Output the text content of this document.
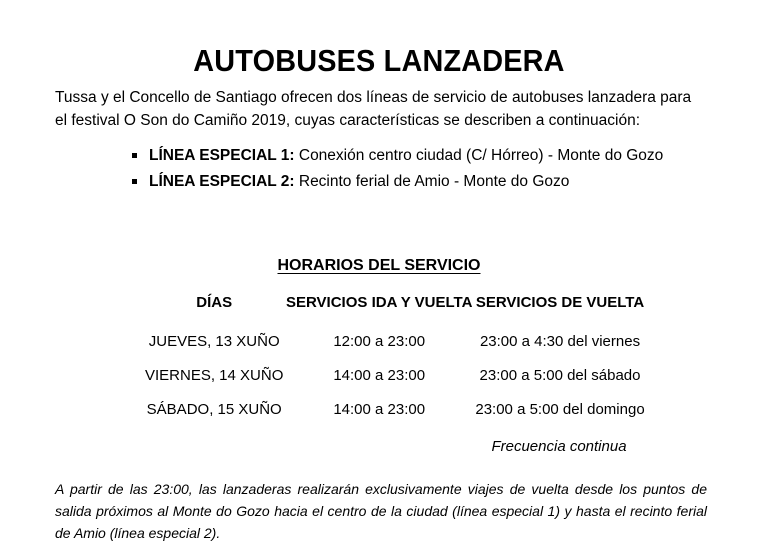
AUTOBUSES LANZADERA

Tussa y el Concello de Santiago ofrecen dos líneas de servicio de autobuses lanzadera para el festival O Son do Camiño 2019, cuyas características se describen a continuación:

LÍNEA ESPECIAL 1: Conexión centro ciudad (C/ Hórreo) - Monte do Gozo
LÍNEA ESPECIAL 2: Recinto ferial de Amio - Monte do Gozo
HORARIOS DEL SERVICIO
DÍAS	SERVICIOS IDA Y VUELTA	SERVICIOS DE VUELTA
JUEVES, 13 XUÑO	12:00 a 23:00	23:00 a 4:30 del viernes
VIERNES, 14 XUÑO	14:00 a 23:00	23:00 a 5:00 del sábado
SÁBADO, 15 XUÑO	14:00 a 23:00	23:00 a 5:00 del domingo
Frecuencia continua

A partir de las 23:00, las lanzaderas realizarán exclusivamente viajes de vuelta desde los puntos de salida próximos al Monte do Gozo hacia el centro de la ciudad (línea especial 1) y hasta el recinto ferial de Amio (línea especial 2).
